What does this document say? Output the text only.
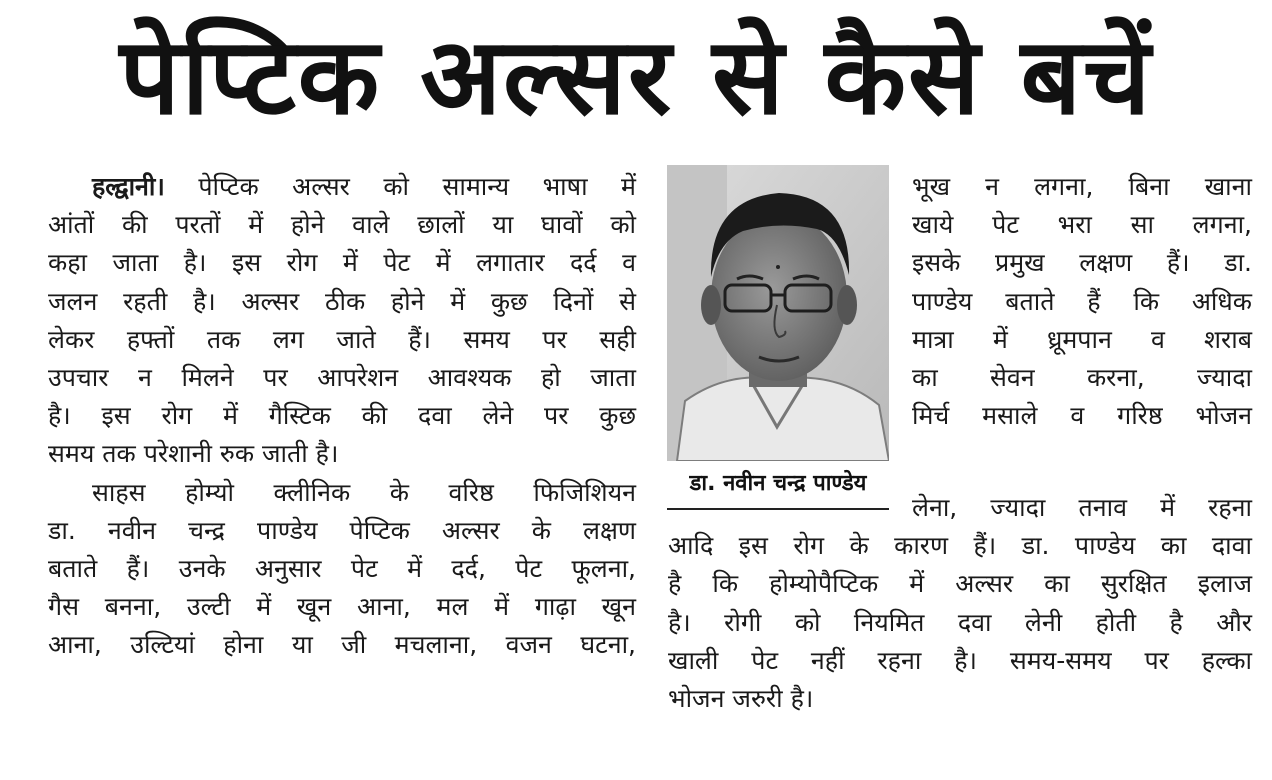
पेप्टिक अल्सर से कैसे बचें
हल्द्वानी। पेप्टिक अल्सर को सामान्य भाषा में
आंतों की परतों में होने वाले छालों या घावों को
कहा जाता है। इस रोग में पेट में लगातार दर्द व
जलन रहती है। अल्सर ठीक होने में कुछ दिनों से
लेकर हफ्तों तक लग जाते हैं। समय पर सही
उपचार न मिलने पर आपरेशन आवश्यक हो जाता
है। इस रोग में गैस्टिक की दवा लेने पर कुछ
समय तक परेशानी रुक जाती है।
साहस होम्यो क्लीनिक के वरिष्ठ फिजिशियन
डा. नवीन चन्द्र पाण्डेय पेप्टिक अल्सर के लक्षण
बताते हैं। उनके अनुसार पेट में दर्द, पेट फूलना,
गैस बनना, उल्टी में खून आना, मल में गाढ़ा खून
आना, उल्टियां होना या जी मचलाना, वजन घटना,
डा. नवीन चन्द्र पाण्डेय
भूख न लगना, बिना खाना
खाये पेट भरा सा लगना,
इसके प्रमुख लक्षण हैं। डा.
पाण्डेय बताते हैं कि अधिक
मात्रा में ध्रूमपान व शराब
का सेवन करना, ज्यादा
मिर्च मसाले व गरिष्ठ भोजन
लेना, ज्यादा तनाव में रहना
आदि इस रोग के कारण हैं। डा. पाण्डेय का दावा
है कि होम्योपैप्टिक में अल्सर का सुरक्षित इलाज
है। रोगी को नियमित दवा लेनी होती है और
खाली पेट नहीं रहना है। समय-समय पर हल्का
भोजन जरुरी है।
